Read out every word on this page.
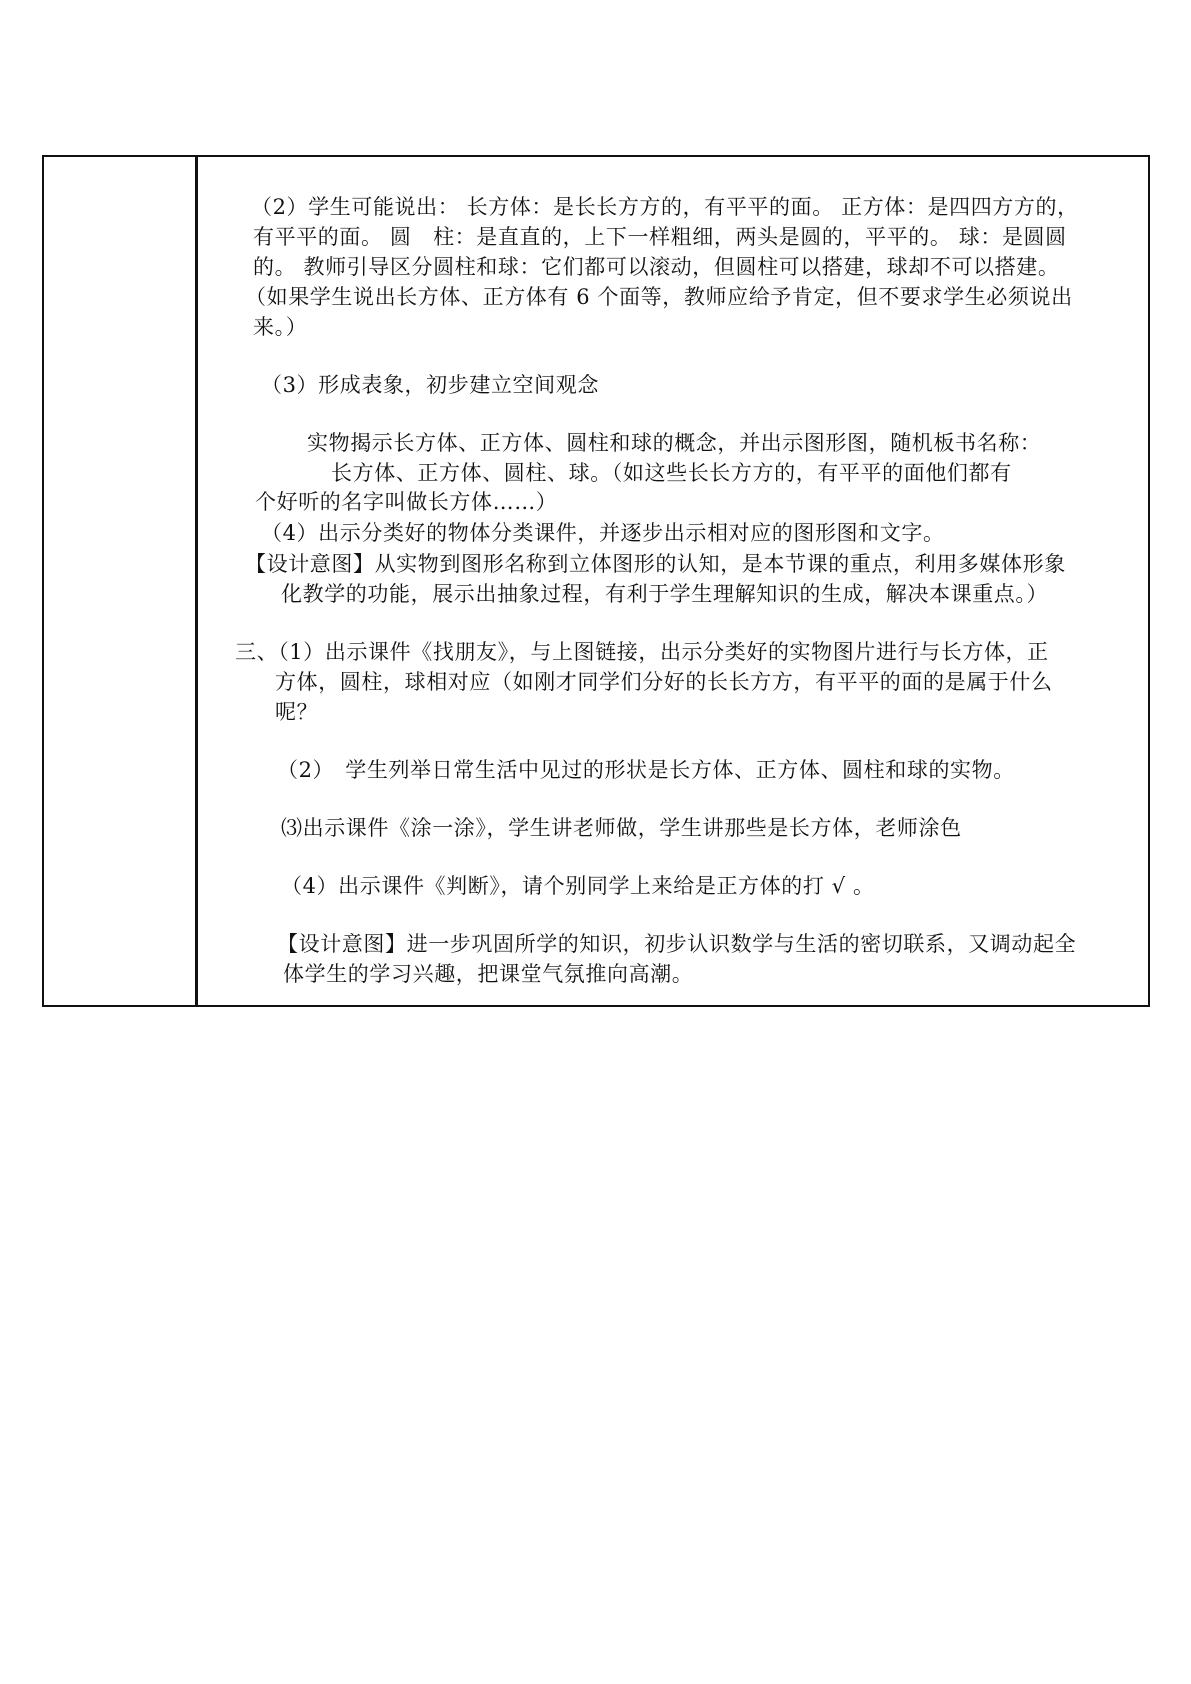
（2）学生可能说出： 长方体：是长长方方的，有平平的面。 正方体：是四四方方的，
有平平的面。 圆　柱：是直直的，上下一样粗细，两头是圆的，平平的。 球：是圆圆
的。 教师引导区分圆柱和球：它们都可以滚动，但圆柱可以搭建，球却不可以搭建。
（如果学生说出长方体、正方体有 6 个面等，教师应给予肯定，但不要求学生必须说出
来。）
（3）形成表象，初步建立空间观念
实物揭示长方体、正方体、圆柱和球的概念，并出示图形图，随机板书名称：
长方体、正方体、圆柱、球。（如这些长长方方的，有平平的面他们都有
个好听的名字叫做长方体……）
（4）出示分类好的物体分类课件，并逐步出示相对应的图形图和文字。
【设计意图】从实物到图形名称到立体图形的认知，是本节课的重点，利用多媒体形象
化教学的功能，展示出抽象过程，有利于学生理解知识的生成，解决本课重点。）
三、（1）出示课件《找朋友》，与上图链接，出示分类好的实物图片进行与长方体，正
方体，圆柱，球相对应（如刚才同学们分好的长长方方，有平平的面的是属于什么
呢？
（2）　学生列举日常生活中见过的形状是长方体、正方体、圆柱和球的实物。
⑶出示课件《涂一涂》，学生讲老师做，学生讲那些是长方体，老师涂色
（4）出示课件《判断》，请个别同学上来给是正方体的打 √ 。
【设计意图】进一步巩固所学的知识，初步认识数学与生活的密切联系，又调动起全
体学生的学习兴趣，把课堂气氛推向高潮。
